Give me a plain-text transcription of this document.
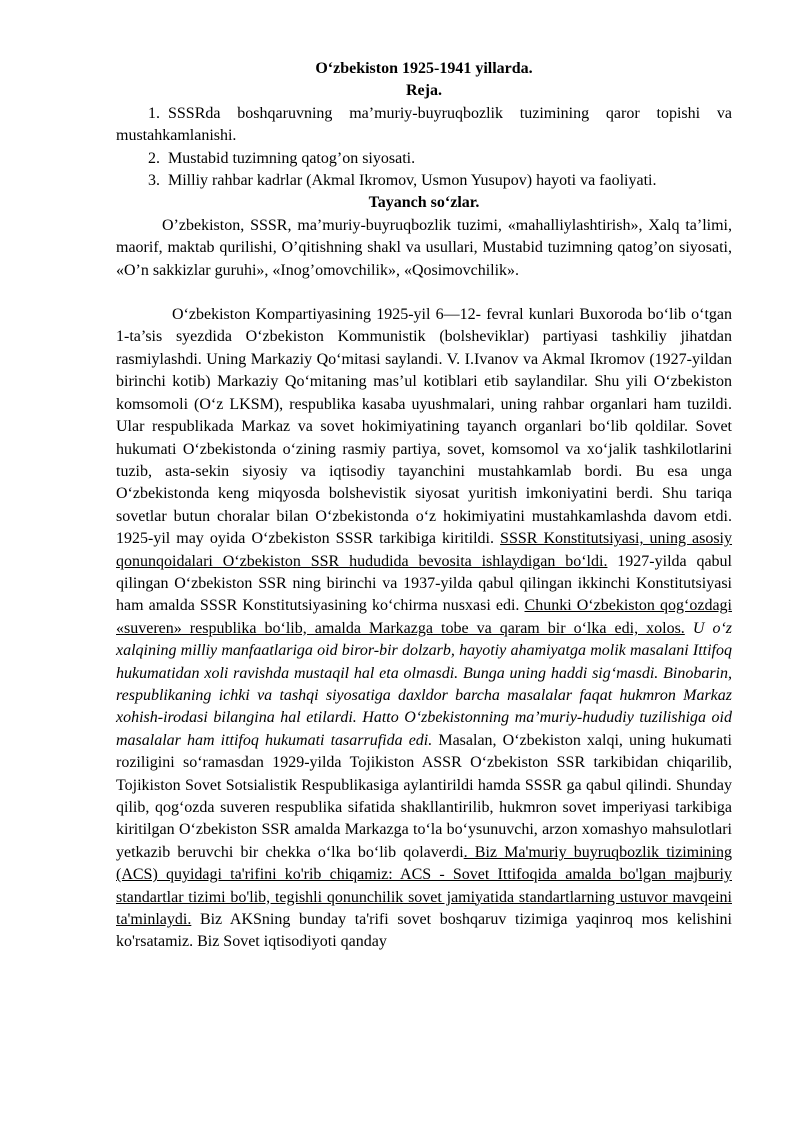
O‘zbekiston 1925-1941 yillarda.

Reja.

1. SSSRda boshqaruvning ma’muriy-buyruqbozlik tuzimining qaror topishi va mustahkamlanishi.
2. Mustabid tuzimning qatog’on siyosati.
3. Milliy rahbar kadrlar (Akmal Ikromov, Usmon Yusupov) hayoti va faoliyati.

Tayanch so‘zlar.

O’zbekiston, SSSR, ma’muriy-buyruqbozlik tuzimi, «mahalliylashtirish», Xalq ta’limi, maorif, maktab qurilishi, O’qitishning shakl va usullari, Mustabid tuzimning qatog’on siyosati, «O’n sakkizlar guruhi», «Inog’omovchilik», «Qosimovchilik».

O‘zbekiston Kompartiyasining 1925-yil 6—12- fevral kunlari Buxoroda bo‘lib o‘tgan 1-ta’sis syezdida O‘zbekiston Kommunistik (bolsheviklar) partiyasi tashkiliy jihatdan rasmiylashdi. Uning Markaziy Qo‘mitasi saylandi. V. I.Ivanov va Akmal Ikromov (1927-yildan birinchi kotib) Markaziy Qo‘mitaning mas’ul kotiblari etib saylandilar. Shu yili O‘zbekiston komsomoli (O‘z LKSM), respublika kasaba uyushmalari, uning rahbar organlari ham tuzildi. Ular respublikada Markaz va sovet hokimiyatining tayanch organlari bo‘lib qoldilar. Sovet hukumati O‘zbekistonda o‘zining rasmiy partiya, sovet, komsomol va xo‘jalik tashkilotlarini tuzib, asta-sekin siyosiy va iqtisodiy tayanchini mustahkamlab bordi. Bu esa unga O‘zbekistonda keng miqyosda bolshevistik siyosat yuritish imkoniyatini berdi. Shu tariqa sovetlar butun choralar bilan O‘zbekistonda o‘z hokimiyatini mustahkamlashda davom etdi. 1925-yil may oyida O‘zbekiston SSSR tarkibiga kiritildi. SSSR Konstitutsiyasi, uning asosiy qonunqoidalari O‘zbekiston SSR hududida bevosita ishlaydigan bo‘ldi. 1927-yilda qabul qilingan O‘zbekiston SSR ning birinchi va 1937-yilda qabul qilingan ikkinchi Konstitutsiyasi ham amalda SSSR Konstitutsiyasining ko‘chirma nusxasi edi. Chunki O‘zbekiston qog‘ozdagi «suveren» respublika bo‘lib, amalda Markazga tobe va qaram bir o‘lka edi, xolos. U o‘z xalqining milliy manfaatlariga oid biror-bir dolzarb, hayotiy ahamiyatga molik masalani Ittifoq hukumatidan xoli ravishda mustaqil hal eta olmasdi. Bunga uning haddi sig‘masdi. Binobarin, respublikaning ichki va tashqi siyosatiga daxldor barcha masalalar faqat hukmron Markaz xohish-irodasi bilangina hal etilardi. Hatto O‘zbekistonning ma’muriy-hududiy tuzilishiga oid masalalar ham ittifoq hukumati tasarrufida edi. Masalan, O‘zbekiston xalqi, uning hukumati roziligini so‘ramasdan 1929-yilda Tojikiston ASSR O‘zbekiston SSR tarkibidan chiqarilib, Tojikiston Sovet Sotsialistik Respublikasiga aylantirildi hamda SSSR ga qabul qilindi. Shunday qilib, qog‘ozda suveren respublika sifatida shakllantirilib, hukmron sovet imperiyasi tarkibiga kiritilgan O‘zbekiston SSR amalda Markazga to‘la bo‘ysunuvchi, arzon xomashyo mahsulotlari yetkazib beruvchi bir chekka o‘lka bo‘lib qolaverdi. Biz Ma'muriy buyruqbozlik tizimining (ACS) quyidagi ta'rifini ko'rib chiqamiz: ACS - Sovet Ittifoqida amalda bo'lgan majburiy standartlar tizimi bo'lib, tegishli qonunchilik sovet jamiyatida standartlarning ustuvor mavqeini ta'minlaydi. Biz AKSning bunday ta'rifi sovet boshqaruv tizimiga yaqinroq mos kelishini ko'rsatamiz. Biz Sovet iqtisodiyoti qanday
